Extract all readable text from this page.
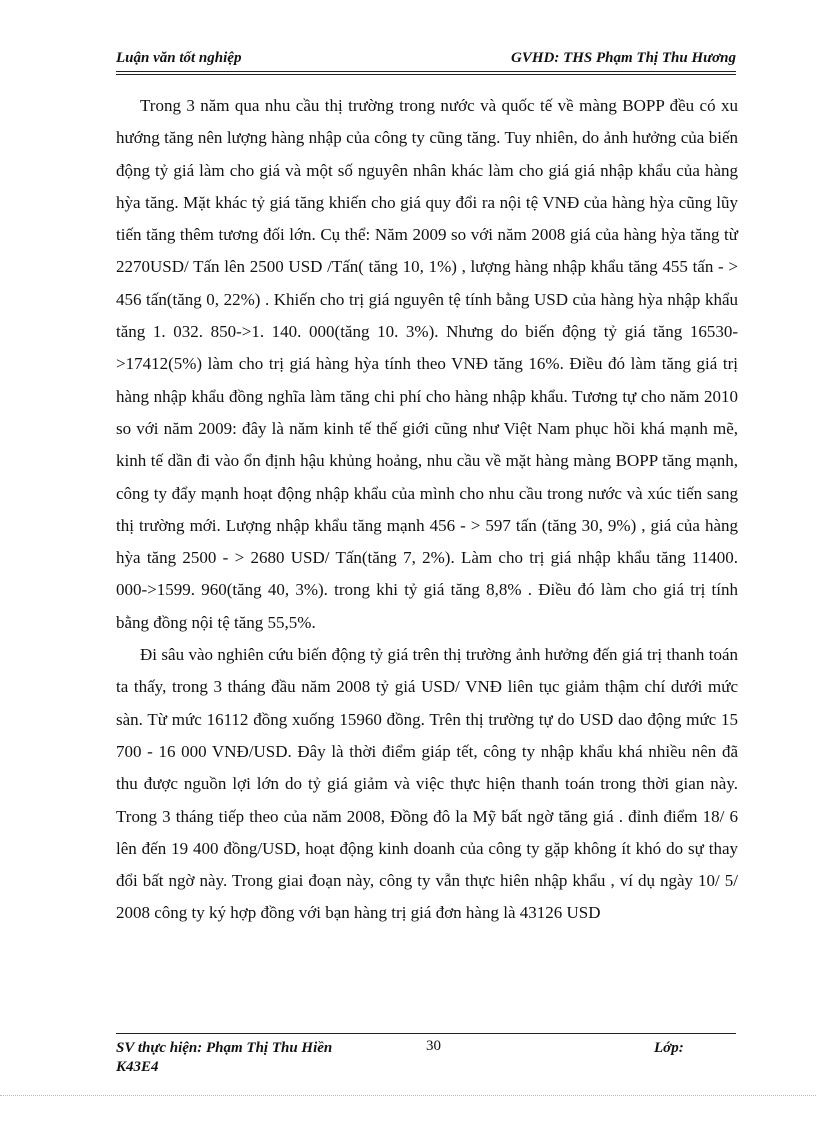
Luận văn tốt nghiệp	GVHD: THS Phạm Thị Thu Hương

Trong 3 năm qua nhu cầu thị trường trong nước và quốc tế về màng BOPP đều có xu hướng tăng nên lượng hàng nhập của công ty cũng tăng. Tuy nhiên, do ảnh hưởng của biến động tỷ giá làm cho giá và một số nguyên nhân khác làm cho giá giá nhập khẩu của hàng hỳa tăng. Mặt khác tỷ giá tăng khiến cho giá quy đổi ra nội tệ VNĐ của hàng hỳa cũng lũy tiến tăng thêm tương đối lớn. Cụ thể: Năm 2009 so với năm 2008 giá của hàng hỳa tăng từ 2270USD/ Tấn lên 2500 USD /Tấn( tăng 10, 1%) , lượng hàng nhập khẩu tăng 455 tấn - > 456 tấn(tăng 0, 22%) . Khiến cho trị giá nguyên tệ tính bằng USD của hàng hỳa nhập khẩu tăng 1. 032. 850->1. 140. 000(tăng 10. 3%). Nhưng do biến động tỷ giá tăng 16530->17412(5%) làm cho trị giá hàng hỳa tính theo VNĐ tăng 16%. Điều đó làm tăng giá trị hàng nhập khẩu đồng nghĩa làm tăng chi phí cho hàng nhập khẩu. Tương tự cho năm 2010 so với năm 2009: đây là năm kinh tế thế giới cũng như Việt Nam phục hồi khá mạnh mẽ, kinh tế dần đi vào ổn định hậu khủng hoảng, nhu cầu về mặt hàng màng BOPP tăng mạnh, công ty đẩy mạnh hoạt động nhập khẩu của mình cho nhu cầu trong nước và xúc tiến sang thị trường mới. Lượng nhập khẩu tăng mạnh 456 - > 597 tấn (tăng 30, 9%) , giá của hàng hỳa tăng 2500 - > 2680 USD/ Tấn(tăng 7, 2%). Làm cho trị giá nhập khẩu tăng 11400. 000->1599. 960(tăng 40, 3%). trong khi tỷ giá tăng 8,8% . Điều đó làm cho giá trị tính bằng đồng nội tệ tăng 55,5%.

Đi sâu vào nghiên cứu biến động tỷ giá trên thị trường ảnh hưởng đến giá trị thanh toán ta thấy, trong 3 tháng đầu năm 2008 tỷ giá USD/ VNĐ liên tục giảm thậm chí dưới mức sàn. Từ mức 16112 đồng xuống 15960 đồng. Trên thị trường tự do USD dao động mức 15 700 - 16 000 VNĐ/USD. Đây là thời điểm giáp tết, công ty nhập khẩu khá nhiều nên đã thu được nguồn lợi lớn do tỷ giá giảm và việc thực hiện thanh toán trong thời gian này. Trong 3 tháng tiếp theo của năm 2008, Đồng đô la Mỹ bất ngờ tăng giá . đỉnh điểm 18/ 6 lên đến 19 400 đồng/USD, hoạt động kinh doanh của công ty gặp không ít khó do sự thay đổi bất ngờ này. Trong giai đoạn này, công ty vẫn thực hiên nhập khẩu , ví dụ ngày 10/ 5/ 2008 công ty ký hợp đồng với bạn hàng trị giá đơn hàng là 43126 USD

SV thực hiện: Phạm Thị Thu Hiền
K43E4
30	Lớp:
